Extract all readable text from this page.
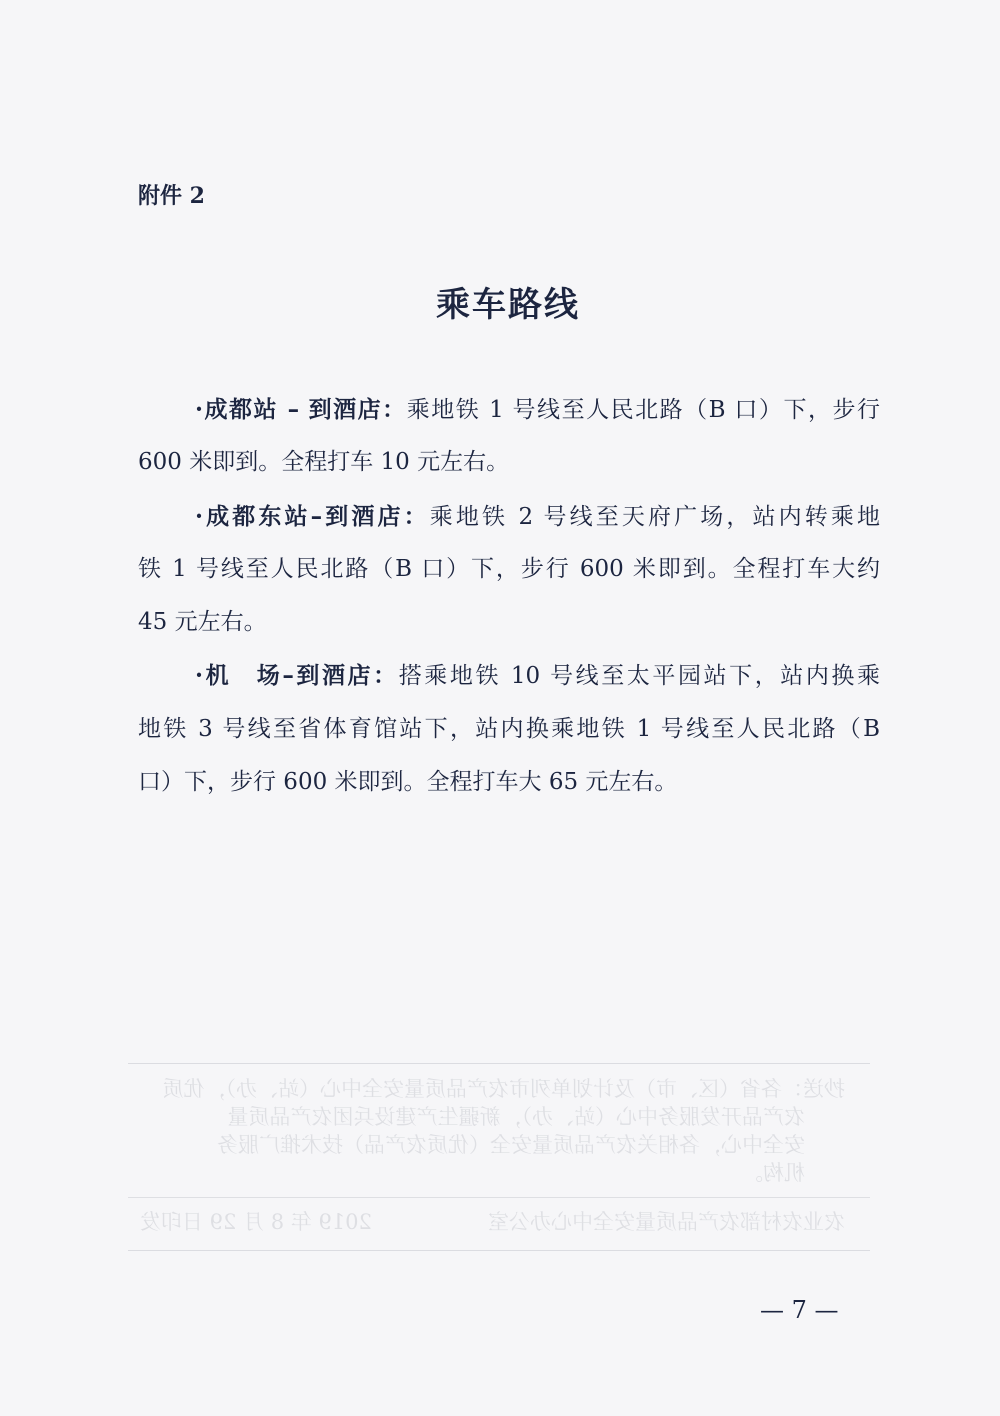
附件 2
乘车路线
·成都站 – 到酒店：乘地铁 1 号线至人民北路（B 口）下，步行
600 米即到。全程打车 10 元左右。
·成都东站–到酒店：乘地铁 2 号线至天府广场，站内转乘地
铁 1 号线至人民北路（B 口）下，步行 600 米即到。全程打车大约
45 元左右。
·机　场–到酒店：搭乘地铁 10 号线至太平园站下，站内换乘
地铁 3 号线至省体育馆站下，站内换乘地铁 1 号线至人民北路（B
口）下，步行 600 米即到。全程打车大 65 元左右。
抄送：各省（区、市）及计划单列市农产品质量安全中心（站、办），优质
农产品开发服务中心（站、办），新疆生产建设兵团农产品质量
安全中心，各相关农产品质量安全（优质农产品）技术推广服务
机构。
农业农村部农产品质量安全中心办公室
2019 年 8 月 29 日印发
— 7 —
